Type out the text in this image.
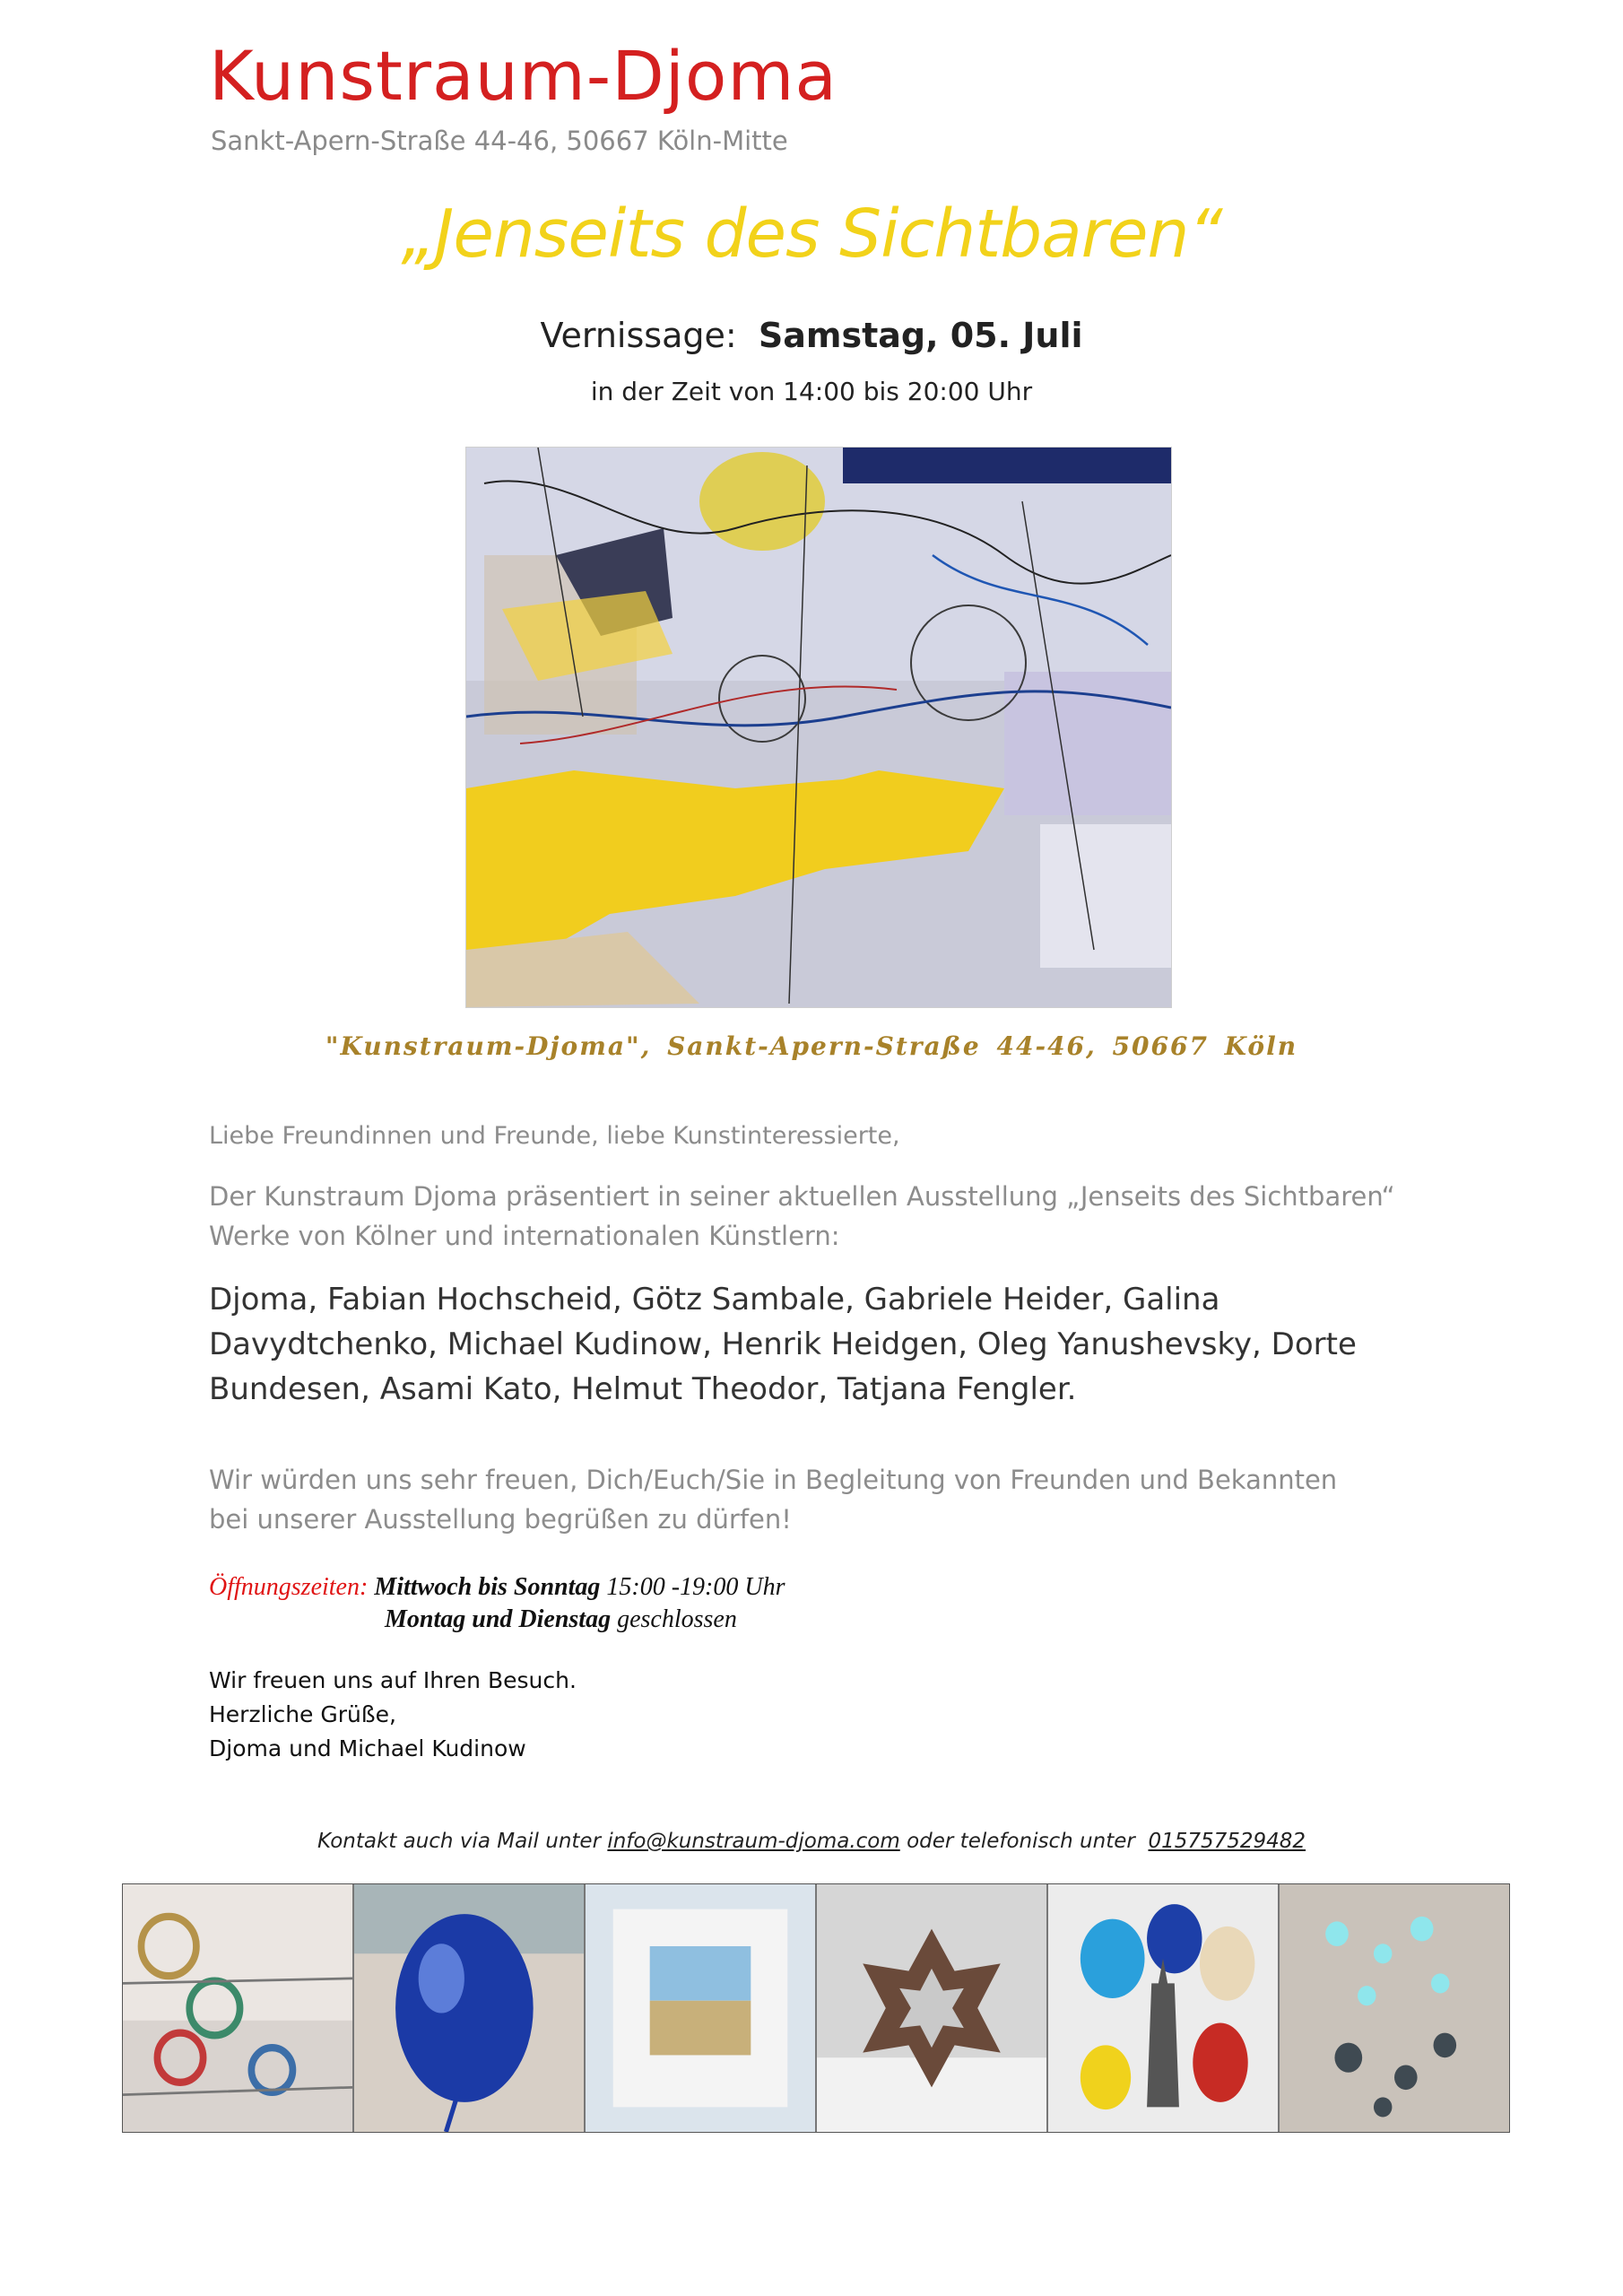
Kunstraum-Djoma
Sankt-Apern-Straße 44-46, 50667 Köln-Mitte
„Jenseits des Sichtbaren“
Vernissage: Samstag, 05. Juli
in der Zeit von 14:00 bis 20:00 Uhr
"Kunstraum-Djoma", Sankt-Apern-Straße 44-46, 50667 Köln
Liebe Freundinnen und Freunde, liebe Kunstinteressierte,
Der Kunstraum Djoma präsentiert in seiner aktuellen Ausstellung „Jenseits des Sichtbaren“ Werke von Kölner und internationalen Künstlern:
Djoma, Fabian Hochscheid, Götz Sambale, Gabriele Heider, Galina Davydtchenko, Michael Kudinow, Henrik Heidgen, Oleg Yanushevsky, Dorte Bundesen, Asami Kato, Helmut Theodor, Tatjana Fengler.
Wir würden uns sehr freuen, Dich/Euch/Sie in Begleitung von Freunden und Bekannten bei unserer Ausstellung begrüßen zu dürfen!
Öffnungszeiten: Mittwoch bis Sonntag 15:00 -19:00 Uhr
Montag und Dienstag geschlossen
Wir freuen uns auf Ihren Besuch.
Herzliche Grüße,
Djoma und Michael Kudinow
Kontakt auch via Mail unter info@kunstraum-djoma.com oder telefonisch unter 015757529482
